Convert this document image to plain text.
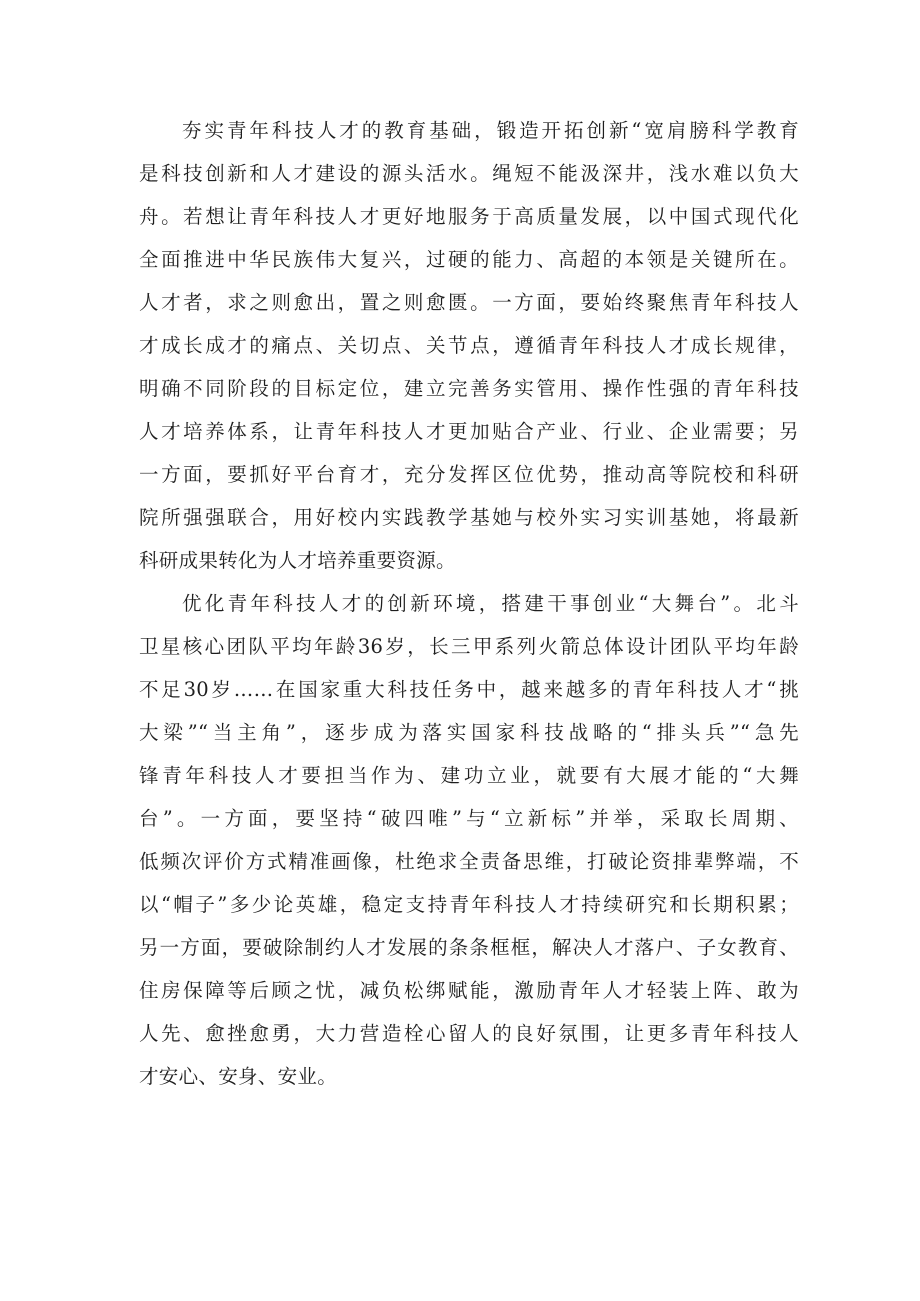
夯实青年科技人才的教育基础，锻造开拓创新“宽肩膀科学教育
是科技创新和人才建设的源头活水。绳短不能汲深井，浅水难以负大
舟。若想让青年科技人才更好地服务于高质量发展，以中国式现代化
全面推进中华民族伟大复兴，过硬的能力、高超的本领是关键所在。
人才者，求之则愈出，置之则愈匮。一方面，要始终聚焦青年科技人
才成长成才的痛点、关切点、关节点，遵循青年科技人才成长规律，
明确不同阶段的目标定位，建立完善务实管用、操作性强的青年科技
人才培养体系，让青年科技人才更加贴合产业、行业、企业需要；另
一方面，要抓好平台育才，充分发挥区位优势，推动高等院校和科研
院所强强联合，用好校内实践教学基她与校外实习实训基她，将最新
科研成果转化为人才培养重要资源。
优化青年科技人才的创新环境，搭建干事创业“大舞台”。北斗
卫星核心团队平均年龄36岁，长三甲系列火箭总体设计团队平均年龄
不足30岁……在国家重大科技任务中，越来越多的青年科技人才“挑
大梁”“当主角”，逐步成为落实国家科技战略的“排头兵”“急先
锋青年科技人才要担当作为、建功立业，就要有大展才能的“大舞
台”。一方面，要坚持“破四唯”与“立新标”并举，采取长周期、
低频次评价方式精准画像，杜绝求全责备思维，打破论资排辈弊端，不
以“帽子”多少论英雄，稳定支持青年科技人才持续研究和长期积累；
另一方面，要破除制约人才发展的条条框框，解决人才落户、子女教育、
住房保障等后顾之忧，减负松绑赋能，激励青年人才轻装上阵、敢为
人先、愈挫愈勇，大力营造栓心留人的良好氛围，让更多青年科技人
才安心、安身、安业。
